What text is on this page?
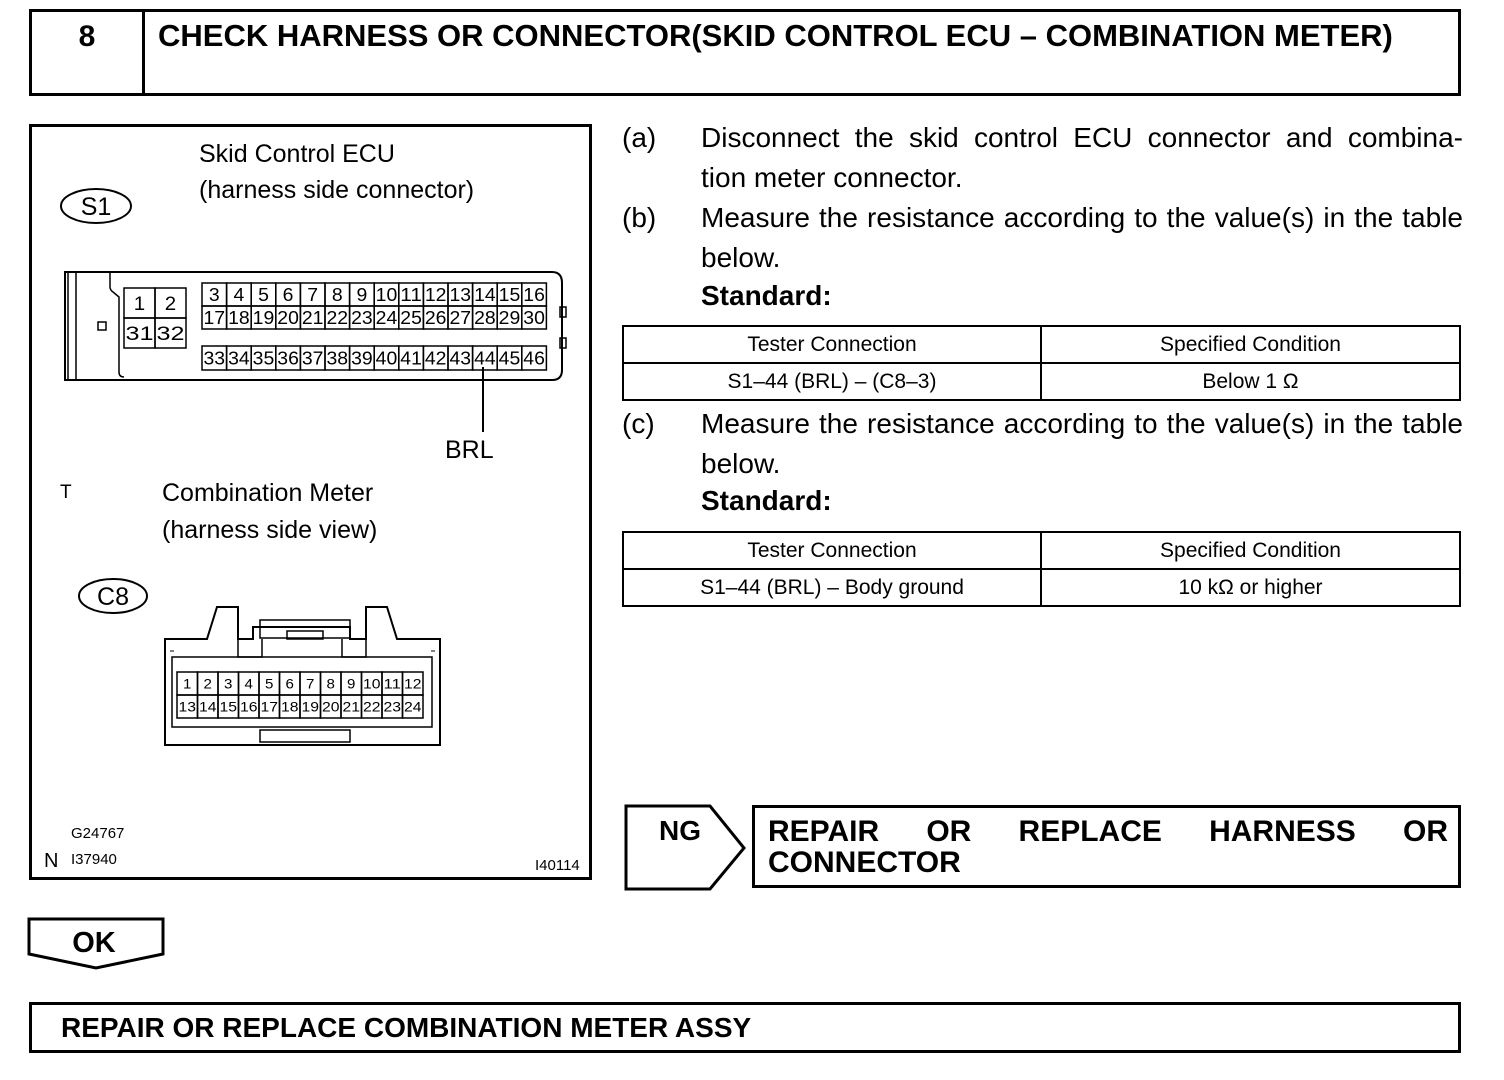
8	CHECK HARNESS OR CONNECTOR(SKID CONTROL ECU – COMBINATION METER)
Skid Control ECU
(harness side connector)
Combination Meter
(harness side view)
T
BRL
G24767
N I37940	I40114
S1
1 2
31 32
3 4 5 6 7 8 9 10 11 12 13 14 15 16
17 18 19 20 21 22 23 24 25 26 27 28 29 30
33 34 35 36 37 38 39 40 41 42 43 44 45 46
C8
1 2 3 4 5 6 7 8 9 10 11 12
13 14 15 16 17 18 19 20 21 22 23 24
(a) Disconnect the skid control ECU connector and combina- tion meter connector.
(b) Measure the resistance according to the value(s) in the table below.
Standard:
Tester Connection	Specified Condition
S1–44 (BRL) – (C8–3)	Below 1 Ω
(c) Measure the resistance according to the value(s) in the table below.
Standard:
Tester Connection	Specified Condition
S1–44 (BRL) – Body ground	10 kΩ or higher
NG REPAIR OR REPLACE HARNESS OR
CONNECTOR
OK
REPAIR OR REPLACE COMBINATION METER ASSY
